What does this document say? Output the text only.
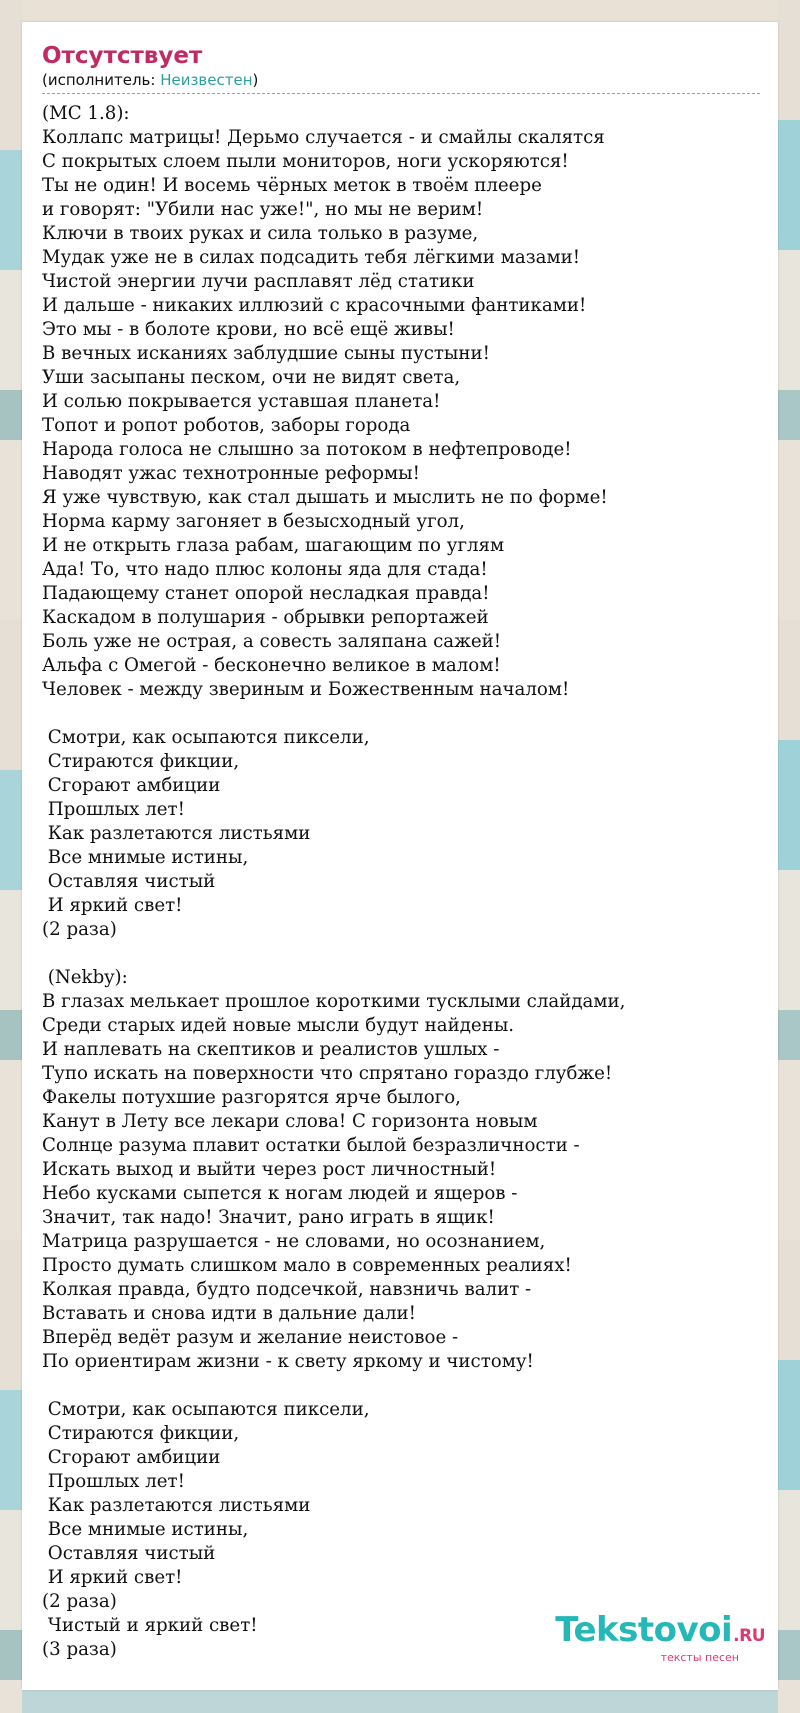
Отсутствует
(исполнитель: Неизвестен)
(MC 1.8):
Коллапс матрицы! Дерьмо случается - и смайлы скалятся
С покрытых слоем пыли мониторов, ноги ускоряются!
Ты не один! И восемь чёрных меток в твоём плеере
и говорят: "Убили нас уже!", но мы не верим!
Ключи в твоих руках и сила только в разуме,
Мудак уже не в силах подсадить тебя лёгкими мазами!
Чистой энергии лучи расплавят лёд статики
И дальше - никаких иллюзий с красочными фантиками!
Это мы - в болоте крови, но всё ещё живы!
В вечных исканиях заблудшие сыны пустыни!
Уши засыпаны песком, очи не видят света,
И солью покрывается уставшая планета!
Топот и ропот роботов, заборы города
Народа голоса не слышно за потоком в нефтепроводе!
Наводят ужас технотронные реформы!
Я уже чувствую, как стал дышать и мыслить не по форме!
Норма карму загоняет в безысходный угол,
И не открыть глаза рабам, шагающим по углям
Ада! То, что надо плюс колоны яда для стада!
Падающему станет опорой несладкая правда!
Каскадом в полушария - обрывки репортажей
Боль уже не острая, а совесть заляпана сажей!
Альфа с Омегой - бесконечно великое в малом!
Человек - между звериным и Божественным началом!
Смотри, как осыпаются пиксели,
Стираются фикции,
Сгорают амбиции
Прошлых лет!
Как разлетаются листьями
Все мнимые истины,
Оставляя чистый
И яркий свет!
(2 раза)
(Nekby):
В глазах мелькает прошлое короткими тусклыми слайдами,
Среди старых идей новые мысли будут найдены.
И наплевать на скептиков и реалистов ушлых -
Тупо искать на поверхности что спрятано гораздо глубже!
Факелы потухшие разгорятся ярче былого,
Канут в Лету все лекари слова! С горизонта новым
Солнце разума плавит остатки былой безразличности -
Искать выход и выйти через рост личностный!
Небо кусками сыпется к ногам людей и ящеров -
Значит, так надо! Значит, рано играть в ящик!
Матрица разрушается - не словами, но осознанием,
Просто думать слишком мало в современных реалиях!
Колкая правда, будто подсечкой, навзничь валит -
Вставать и снова идти в дальние дали!
Вперёд ведёт разум и желание неистовое -
По ориентирам жизни - к свету яркому и чистому!
Смотри, как осыпаются пиксели,
Стираются фикции,
Сгорают амбиции
Прошлых лет!
Как разлетаются листьями
Все мнимые истины,
Оставляя чистый
И яркий свет!
(2 раза)
Чистый и яркий свет!
(3 раза)	Tekstovoi.RU
тексты песен
